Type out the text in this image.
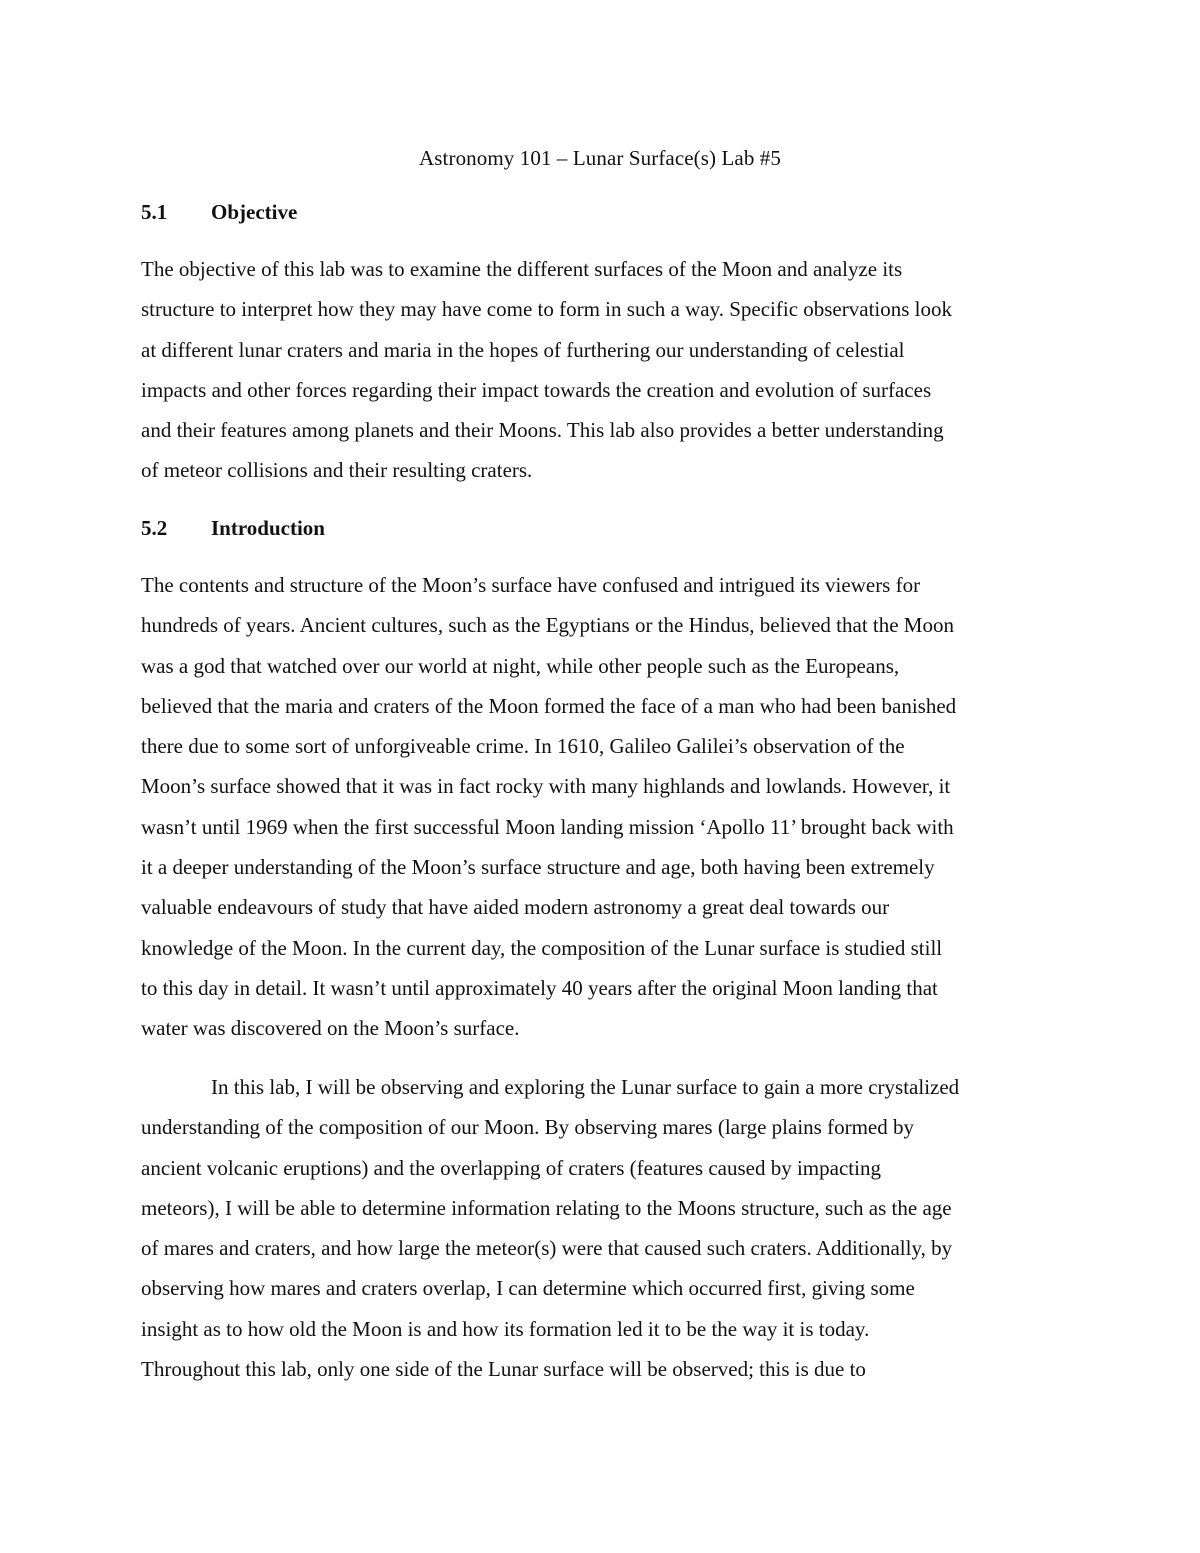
Astronomy 101 – Lunar Surface(s) Lab #5
5.1 Objective
The objective of this lab was to examine the different surfaces of the Moon and analyze its
structure to interpret how they may have come to form in such a way. Specific observations look
at different lunar craters and maria in the hopes of furthering our understanding of celestial
impacts and other forces regarding their impact towards the creation and evolution of surfaces
and their features among planets and their Moons. This lab also provides a better understanding
of meteor collisions and their resulting craters.
5.2 Introduction
The contents and structure of the Moon’s surface have confused and intrigued its viewers for
hundreds of years. Ancient cultures, such as the Egyptians or the Hindus, believed that the Moon
was a god that watched over our world at night, while other people such as the Europeans,
believed that the maria and craters of the Moon formed the face of a man who had been banished
there due to some sort of unforgiveable crime. In 1610, Galileo Galilei’s observation of the
Moon’s surface showed that it was in fact rocky with many highlands and lowlands. However, it
wasn’t until 1969 when the first successful Moon landing mission ‘Apollo 11’ brought back with
it a deeper understanding of the Moon’s surface structure and age, both having been extremely
valuable endeavours of study that have aided modern astronomy a great deal towards our
knowledge of the Moon. In the current day, the composition of the Lunar surface is studied still
to this day in detail. It wasn’t until approximately 40 years after the original Moon landing that
water was discovered on the Moon’s surface.
In this lab, I will be observing and exploring the Lunar surface to gain a more crystalized
understanding of the composition of our Moon. By observing mares (large plains formed by
ancient volcanic eruptions) and the overlapping of craters (features caused by impacting
meteors), I will be able to determine information relating to the Moons structure, such as the age
of mares and craters, and how large the meteor(s) were that caused such craters. Additionally, by
observing how mares and craters overlap, I can determine which occurred first, giving some
insight as to how old the Moon is and how its formation led it to be the way it is today.
Throughout this lab, only one side of the Lunar surface will be observed; this is due to
